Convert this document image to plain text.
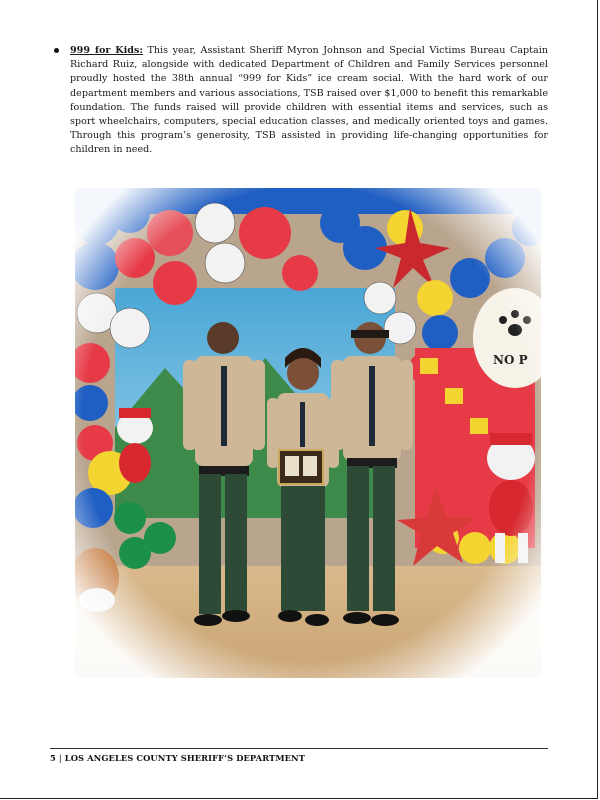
999 for Kids: This year, Assistant Sheriff Myron Johnson and Special Victims Bureau Captain Richard Ruiz, alongside with dedicated Department of Children and Family Services personnel proudly hosted the 38th annual “999 for Kids” ice cream social. With the hard work of our department members and various associations, TSB raised over $1,000 to benefit this remarkable foundation. The funds raised will provide children with essential items and services, such as sport wheelchairs, computers, special education classes, and medically oriented toys and games. Through this program’s generosity, TSB assisted in providing life-changing opportunities for children in need.
5 | LOS ANGELES COUNTY SHERIFF’S DEPARTMENT
